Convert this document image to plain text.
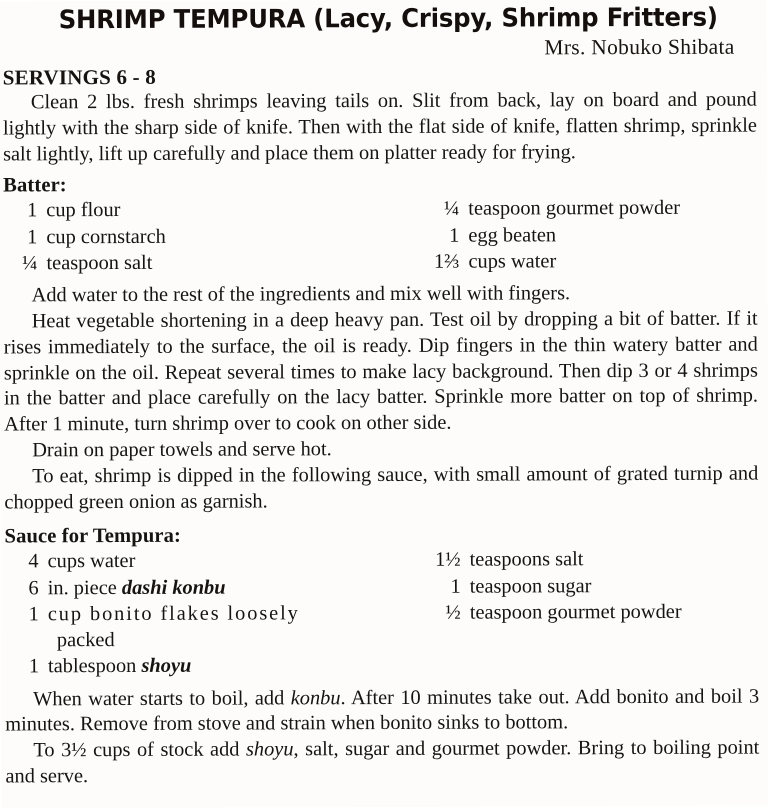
SHRIMP TEMPURA (Lacy, Crispy, Shrimp Fritters)
Mrs. Nobuko Shibata
SERVINGS 6 - 8

Clean 2 lbs. fresh shrimps leaving tails on. Slit from back, lay on board and pound lightly with the sharp side of knife. Then with the flat side of knife, flatten shrimp, sprinkle salt lightly, lift up carefully and place them on platter ready for frying.

Batter:
1 cup flour
1 cup cornstarch
¼ teaspoon salt
¼ teaspoon gourmet powder
1 egg beaten
1⅔ cups water

Add water to the rest of the ingredients and mix well with fingers.

Heat vegetable shortening in a deep heavy pan. Test oil by dropping a bit of batter. If it rises immediately to the surface, the oil is ready. Dip fingers in the thin watery batter and sprinkle on the oil. Repeat several times to make lacy background. Then dip 3 or 4 shrimps in the batter and place carefully on the lacy batter. Sprinkle more batter on top of shrimp. After 1 minute, turn shrimp over to cook on other side.

Drain on paper towels and serve hot.

To eat, shrimp is dipped in the following sauce, with small amount of grated turnip and chopped green onion as garnish.

Sauce for Tempura:
4 cups water
6 in. piece dashi konbu
1 cup bonito flakes loosely
packed
1 tablespoon shoyu
1½ teaspoons salt
1 teaspoon sugar
½ teaspoon gourmet powder

When water starts to boil, add konbu. After 10 minutes take out. Add bonito and boil 3 minutes. Remove from stove and strain when bonito sinks to bottom.

To 3½ cups of stock add shoyu, salt, sugar and gourmet powder. Bring to boiling point and serve.
